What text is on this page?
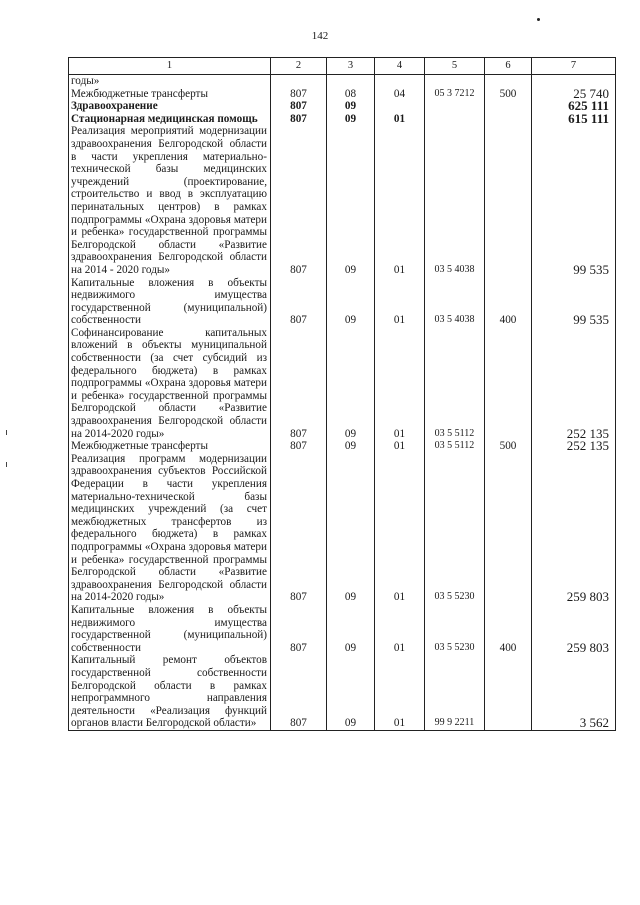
142
1	2	3	4	5	6	7
годы»						
Межбюджетные трансферты	807	08	04	05 3 7212	500	25 740
Здравоохранение	807	09				625 111
Стационарная медицинская помощь	807	09	01			615 111
Реализация мероприятий модернизации здравоохранения Белгородской области в части укрепления материально-технической базы медицинских учреждений (проектирование, строительство и ввод в эксплуатацию перинатальных центров) в рамках подпрограммы «Охрана здоровья матери и ребенка» государственной программы Белгородской области «Развитие здравоохранения Белгородской области на 2014 - 2020 годы»	807	09	01	03 5 4038		99 535
Капитальные вложения в объекты недвижимого имущества государственной (муниципальной) собственности	807	09	01	03 5 4038	400	99 535
Софинансирование капитальных вложений в объекты муниципальной собственности (за счет субсидий из федерального бюджета) в рамках подпрограммы «Охрана здоровья матери и ребенка» государственной программы Белгородской области «Развитие здравоохранения Белгородской области на 2014-2020 годы»	807	09	01	03 5 5112		252 135
Межбюджетные трансферты	807	09	01	03 5 5112	500	252 135
Реализация программ модернизации здравоохранения субъектов Российской Федерации в части укрепления материально-технической базы медицинских учреждений (за счет межбюджетных трансфертов из федерального бюджета) в рамках подпрограммы «Охрана здоровья матери и ребенка» государственной программы Белгородской области «Развитие здравоохранения Белгородской области на 2014-2020 годы»	807	09	01	03 5 5230		259 803
Капитальные вложения в объекты недвижимого имущества государственной (муниципальной) собственности	807	09	01	03 5 5230	400	259 803
Капитальный ремонт объектов государственной собственности Белгородской области в рамках непрограммного направления деятельности «Реализация функций органов власти Белгородской области»	807	09	01	99 9 2211		3 562
